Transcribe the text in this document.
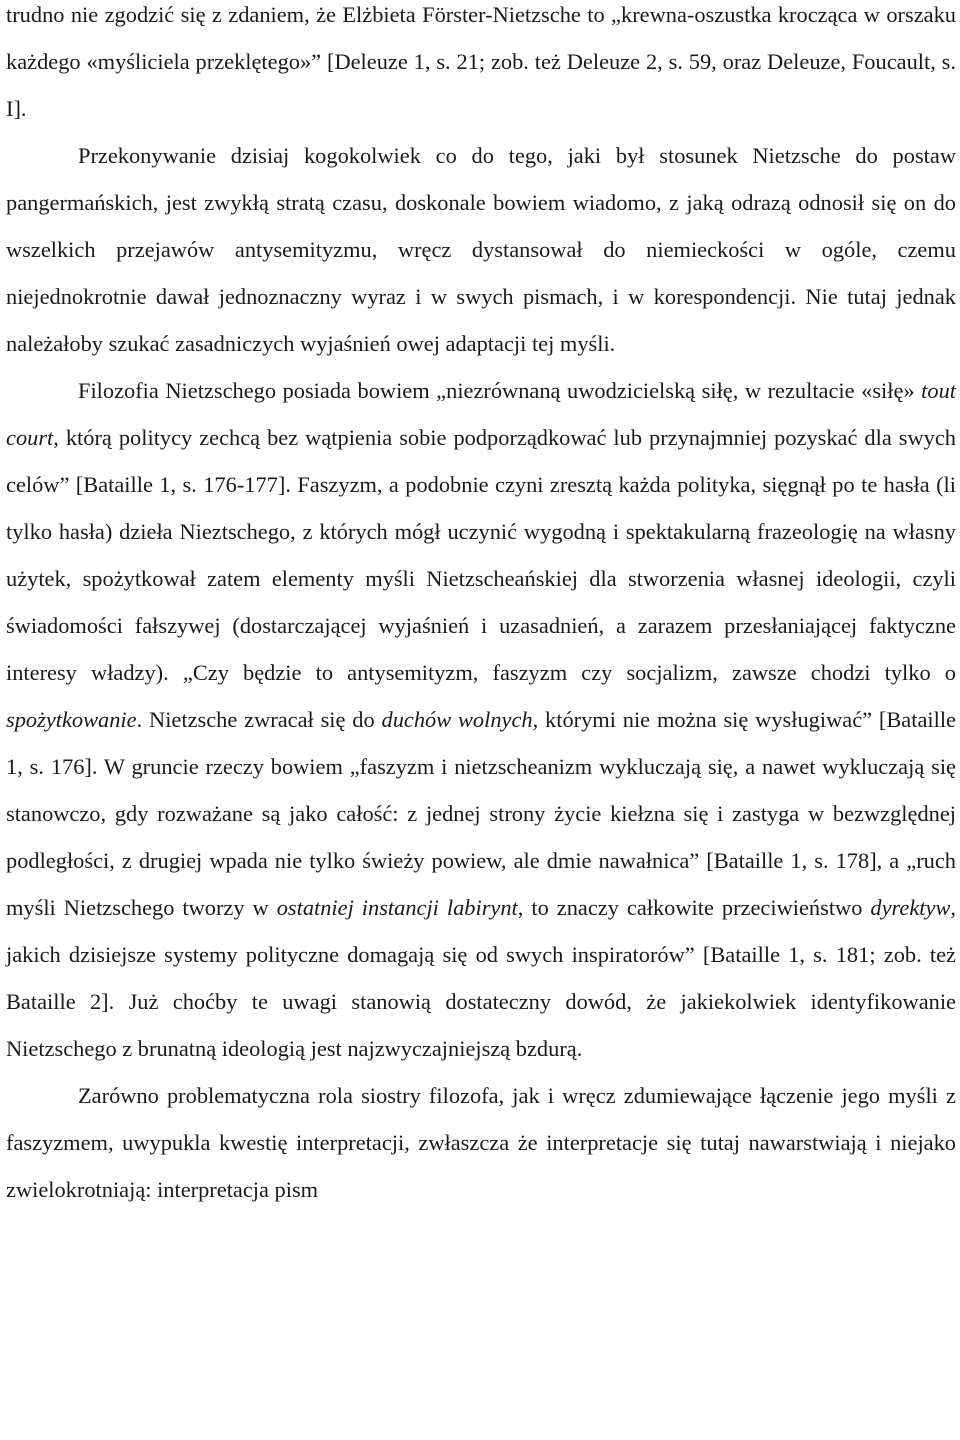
trudno nie zgodzić się z zdaniem, że Elżbieta Förster-Nietzsche to „krewna-oszustka krocząca w orszaku każdego «myśliciela przeklętego»” [Deleuze 1, s. 21; zob. też Deleuze 2, s. 59, oraz Deleuze, Foucault, s. I].

Przekonywanie dzisiaj kogokolwiek co do tego, jaki był stosunek Nietzsche do postaw pangermańskich, jest zwykłą stratą czasu, doskonale bowiem wiadomo, z jaką odrazą odnosił się on do wszelkich przejawów antysemityzmu, wręcz dystansował do niemieckości w ogóle, czemu niejednokrotnie dawał jednoznaczny wyraz i w swych pismach, i w korespondencji. Nie tutaj jednak należałoby szukać zasadniczych wyjaśnień owej adaptacji tej myśli.

Filozofia Nietzschego posiada bowiem „niezrównaną uwodzicielską siłę, w rezultacie «siłę» tout court, którą politycy zechcą bez wątpienia sobie podporządkować lub przynajmniej pozyskać dla swych celów” [Bataille 1, s. 176-177]. Faszyzm, a podobnie czyni zresztą każda polityka, sięgnął po te hasła (li tylko hasła) dzieła Nieztschego, z których mógł uczynić wygodną i spektakularną frazeologię na własny użytek, spożytkował zatem elementy myśli Nietzscheańskiej dla stworzenia własnej ideologii, czyli świadomości fałszywej (dostarczającej wyjaśnień i uzasadnień, a zarazem przesłaniającej faktyczne interesy władzy). „Czy będzie to antysemityzm, faszyzm czy socjalizm, zawsze chodzi tylko o spożytkowanie. Nietzsche zwracał się do duchów wolnych, którymi nie można się wysługiwać” [Bataille 1, s. 176]. W gruncie rzeczy bowiem „faszyzm i nietzscheanizm wykluczają się, a nawet wykluczają się stanowczo, gdy rozważane są jako całość: z jednej strony życie kiełzna się i zastyga w bezwzględnej podległości, z drugiej wpada nie tylko świeży powiew, ale dmie nawałnica” [Bataille 1, s. 178], a „ruch myśli Nietzschego tworzy w ostatniej instancji labirynt, to znaczy całkowite przeciwieństwo dyrektyw, jakich dzisiejsze systemy polityczne domagają się od swych inspiratorów” [Bataille 1, s. 181; zob. też Bataille 2]. Już choćby te uwagi stanowią dostateczny dowód, że jakiekolwiek identyfikowanie Nietzschego z brunatną ideologią jest najzwyczajniejszą bzdurą.

Zarówno problematyczna rola siostry filozofa, jak i wręcz zdumiewające łączenie jego myśli z faszyzmem, uwypukla kwestię interpretacji, zwłaszcza że interpretacje się tutaj nawarstwiają i niejako zwielokrotniają: interpretacja pism
